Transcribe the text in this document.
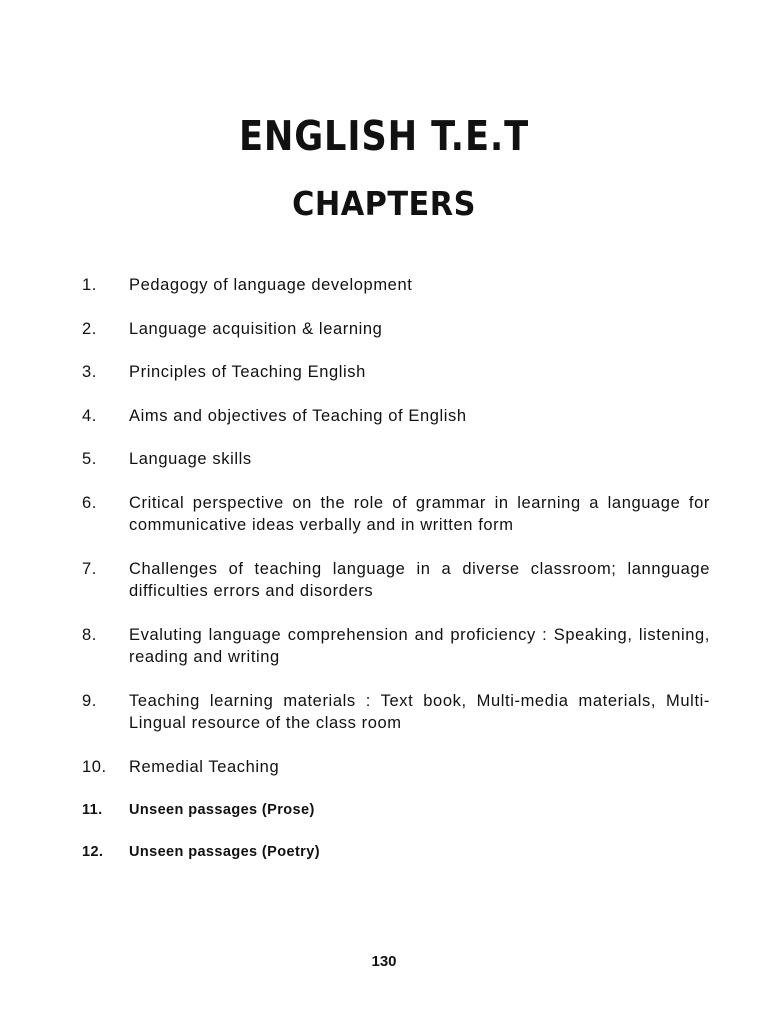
ENGLISH T.E.T
CHAPTERS
1.	Pedagogy of language development
2.	Language acquisition & learning
3.	Principles of Teaching English
4.	Aims and objectives of Teaching of English
5.	Language skills
6.	Critical perspective on the role of grammar in learning a language for communicative ideas verbally and in written form
7.	Challenges of teaching language in a diverse classroom; lannguage difficulties errors and disorders
8.	Evaluting language comprehension and proficiency : Speaking, listening, reading and writing
9.	Teaching learning materials : Text book, Multi-media materials, Multi-Lingual resource of the class room
10.	Remedial Teaching
11.	Unseen passages (Prose)
12.	Unseen passages (Poetry)
130
